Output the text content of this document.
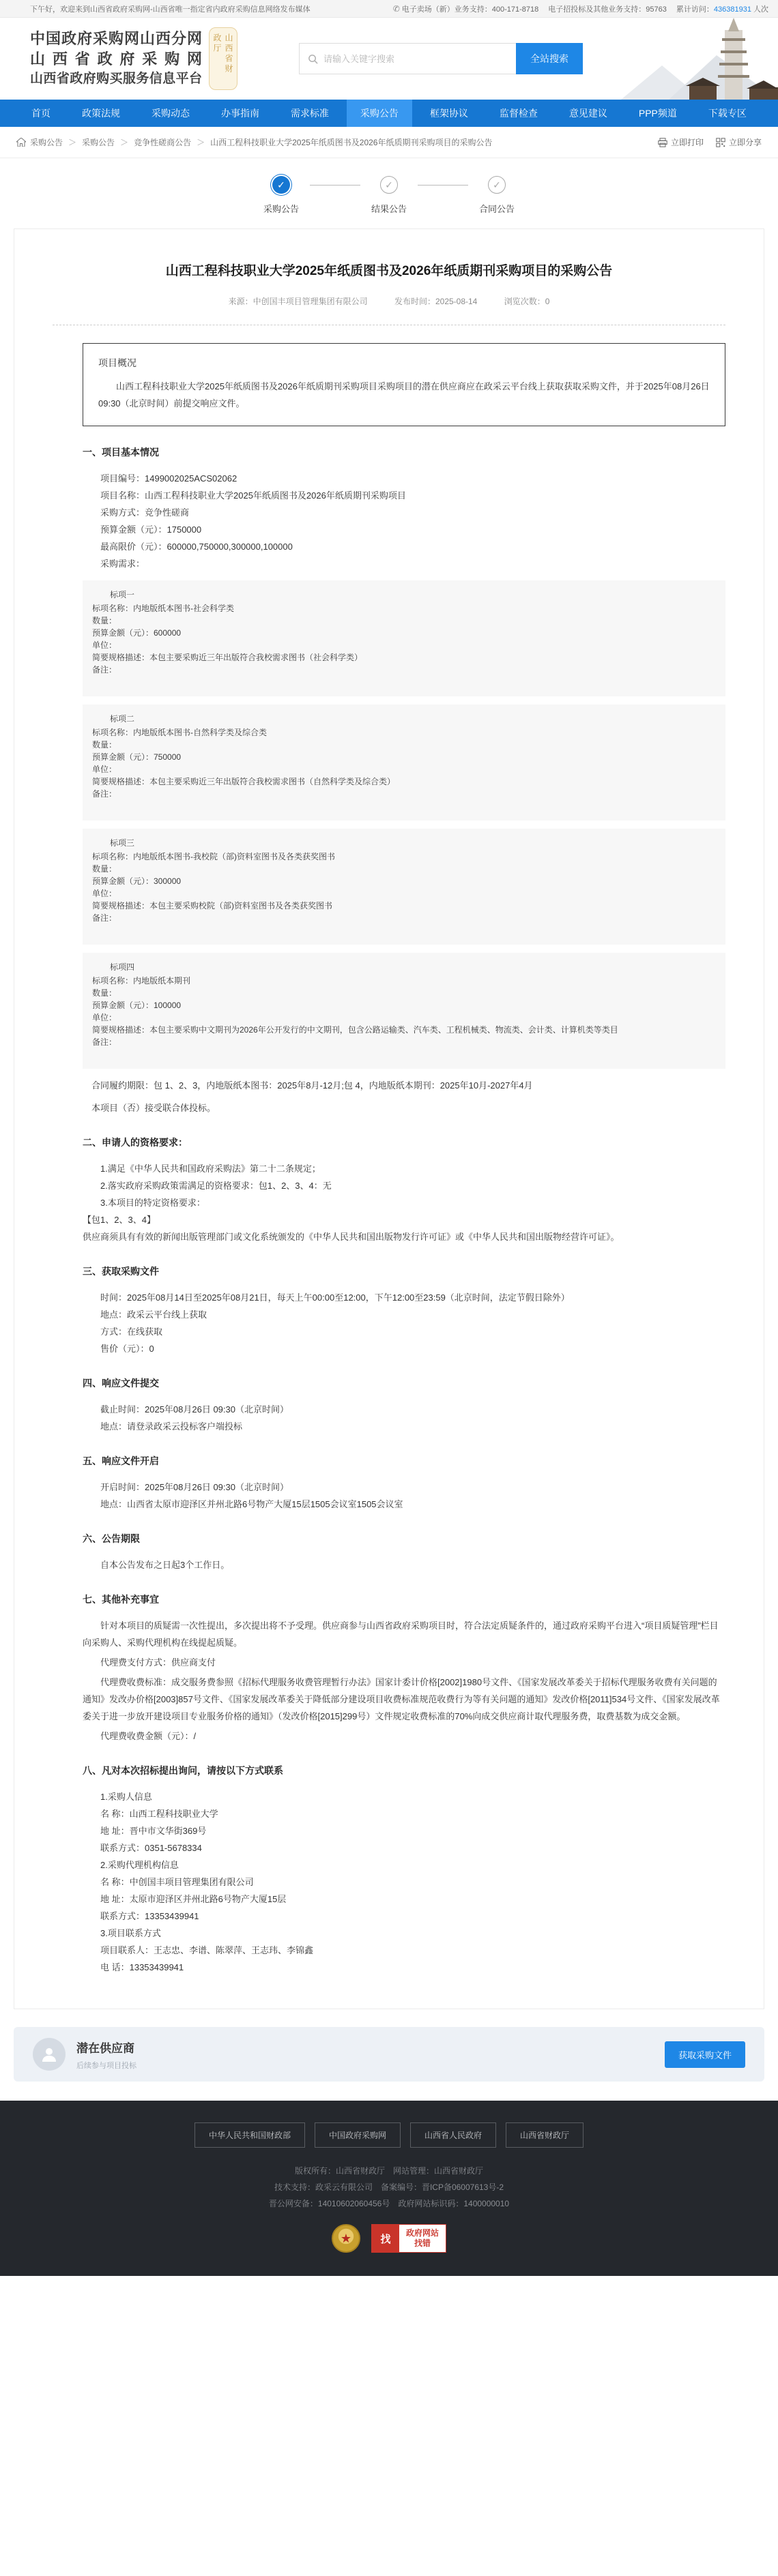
下午好，欢迎来到山西省政府采购网-山西省唯一指定省内政府采购信息网络发布媒体	✆ 电子卖场（新）业务支持：400-171-8718 电子招投标及其他业务支持：95763 累计访问：436381931 人次
中国政府采购网山西分网
山西省政府采购网
山西省政府购买服务信息平台
山西省财政厅
请输入关键字搜索
全站搜索
首页	政策法规	采购动态	办事指南	需求标准	采购公告	框架协议	监督检查	意见建议	PPP频道	下载专区
采购公告 ＞ 采购公告 ＞ 竞争性磋商公告 ＞ 山西工程科技职业大学2025年纸质图书及2026年纸质期刊采购项目的采购公告	立即打印	立即分享
✓
采购公告
✓
结果公告
✓
合同公告
山西工程科技职业大学2025年纸质图书及2026年纸质期刊采购项目的采购公告
来源：中创国丰项目管理集团有限公司	发布时间：2025-08-14	浏览次数：0
项目概况
山西工程科技职业大学2025年纸质图书及2026年纸质期刊采购项目采购项目的潜在供应商应在政采云平台线上获取获取采购文件，并于2025年08月26日 09:30（北京时间）前提交响应文件。
一、项目基本情况

项目编号：1499002025ACS02062

项目名称：山西工程科技职业大学2025年纸质图书及2026年纸质期刊采购项目

采购方式：竞争性磋商

预算金额（元）：1750000

最高限价（元）：600000,750000,300000,100000

采购需求：

标项一
标项名称：内地版纸本图书-社会科学类
数量：
预算金额（元）：600000
单位：
简要规格描述：本包主要采购近三年出版符合我校需求图书（社会科学类）
备注：
标项二
标项名称：内地版纸本图书-自然科学类及综合类
数量：
预算金额（元）：750000
单位：
简要规格描述：本包主要采购近三年出版符合我校需求图书（自然科学类及综合类）
备注：
标项三
标项名称：内地版纸本图书-我校院（部)资料室图书及各类获奖图书
数量：
预算金额（元）：300000
单位：
简要规格描述：本包主要采购校院（部)资料室图书及各类获奖图书
备注：
标项四
标项名称：内地版纸本期刊
数量：
预算金额（元）：100000
单位：
简要规格描述：本包主要采购中文期刊为2026年公开发行的中文期刊，包含公路运输类、汽车类、工程机械类、物流类、会计类、计算机类等类目
备注：

合同履约期限：包 1、2、3，内地版纸本图书：2025年8月-12月;包 4，内地版纸本期刊：2025年10月-2027年4月

本项目（否）接受联合体投标。

二、申请人的资格要求：

1.满足《中华人民共和国政府采购法》第二十二条规定；

2.落实政府采购政策需满足的资格要求：包1、2、3、4：无

3.本项目的特定资格要求：

【包1、2、3、4】

供应商须具有有效的新闻出版管理部门或文化系统颁发的《中华人民共和国出版物发行许可证》或《中华人民共和国出版物经营许可证》。

三、获取采购文件

时间：2025年08月14日至2025年08月21日，每天上午00:00至12:00，下午12:00至23:59（北京时间，法定节假日除外）

地点：政采云平台线上获取

方式：在线获取

售价（元）：0

四、响应文件提交

截止时间：2025年08月26日 09:30（北京时间）

地点：请登录政采云投标客户端投标

五、响应文件开启

开启时间：2025年08月26日 09:30（北京时间）

地点：山西省太原市迎泽区并州北路6号物产大厦15层1505会议室1505会议室

六、公告期限

自本公告发布之日起3个工作日。

七、其他补充事宜

针对本项目的质疑需一次性提出，多次提出将不予受理。供应商参与山西省政府采购项目时，符合法定质疑条件的，通过政府采购平台进入“项目质疑管理”栏目向采购人、采购代理机构在线提起质疑。

代理费支付方式：供应商支付

代理费收费标准：成交服务费参照《招标代理服务收费管理暂行办法》国家计委计价格[2002]1980号文件、《国家发展改革委关于招标代理服务收费有关问题的通知》发改办价格[2003]857号文件、《国家发展改革委关于降低部分建设项目收费标准规范收费行为等有关问题的通知》发改价格[2011]534号文件、《国家发展改革委关于进一步放开建设项目专业服务价格的通知》（发改价格[2015]299号）文件规定收费标准的70%向成交供应商计取代理服务费，取费基数为成交金额。

代理费收费金额（元）：/

八、凡对本次招标提出询问，请按以下方式联系

1.采购人信息

名 称：山西工程科技职业大学

地 址：晋中市文华街369号

联系方式：0351-5678334

2.采购代理机构信息

名 称：中创国丰项目管理集团有限公司

地 址：太原市迎泽区并州北路6号物产大厦15层

联系方式：13353439941

3.项目联系方式

项目联系人：王志忠、李谱、陈翠萍、王志玮、李锦鑫

电 话：13353439941

潜在供应商
后续参与项目投标
获取采购文件
中华人民共和国财政部	中国政府采购网	山西省人民政府	山西省财政厅
版权所有：山西省财政厅　网站管理：山西省财政厅
技术支持：政采云有限公司　备案编号：晋ICP备06007613号-2
晋公网安备：14010602060456号　政府网站标识码：1400000010
★	找
政府网站
找错
